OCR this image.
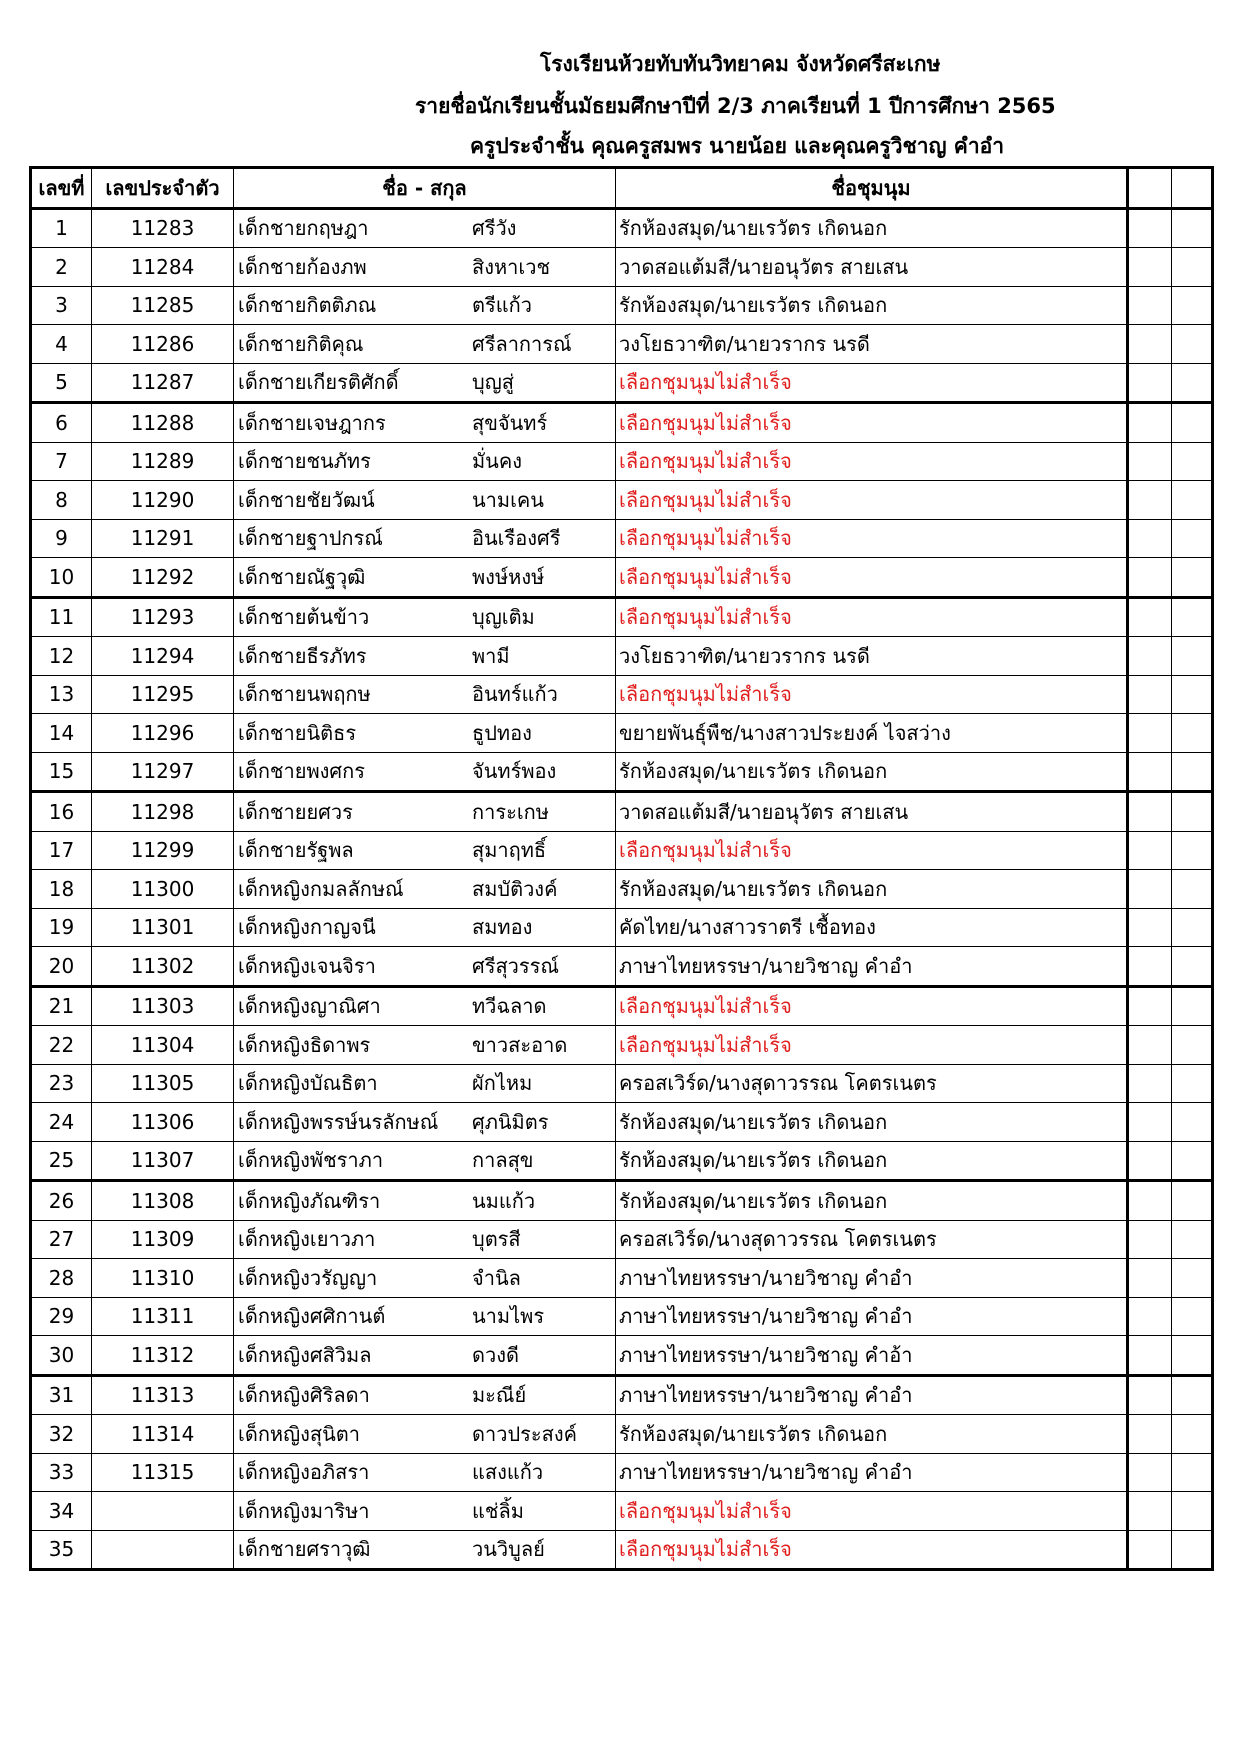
โรงเรียนห้วยทับทันวิทยาคม จังหวัดศรีสะเกษ
รายชื่อนักเรียนชั้นมัธยมศึกษาปีที่ 2/3 ภาคเรียนที่ 1 ปีการศึกษา 2565
ครูประจำชั้น คุณครูสมพร นายน้อย และคุณครูวิชาญ คำอำ
เลขที่	เลขประจำตัว	ชื่อ - สกุล	ชื่อชุมนุม		
1	11283	เด็กชายกฤษฎา ศรีวัง	รักห้องสมุด/นายเรวัตร เกิดนอก		
2	11284	เด็กชายก้องภพ สิงหาเวช	วาดสอแต้มสี/นายอนุวัตร สายเสน		
3	11285	เด็กชายกิตติภณ ตรีแก้ว	รักห้องสมุด/นายเรวัตร เกิดนอก		
4	11286	เด็กชายกิติคุณ ศรีลาการณ์	วงโยธวาฑิต/นายวรากร นรดี		
5	11287	เด็กชายเกียรติศักดิ์ บุญสู่	เลือกชุมนุมไม่สำเร็จ		
6	11288	เด็กชายเจษฎากร สุขจันทร์	เลือกชุมนุมไม่สำเร็จ		
7	11289	เด็กชายชนภัทร มั่นคง	เลือกชุมนุมไม่สำเร็จ		
8	11290	เด็กชายชัยวัฒน์ นามเคน	เลือกชุมนุมไม่สำเร็จ		
9	11291	เด็กชายฐาปกรณ์ อินเรืองศรี	เลือกชุมนุมไม่สำเร็จ		
10	11292	เด็กชายณัฐวุฒิ พงษ์หงษ์	เลือกชุมนุมไม่สำเร็จ		
11	11293	เด็กชายต้นข้าว บุญเติม	เลือกชุมนุมไม่สำเร็จ		
12	11294	เด็กชายธีรภัทร พามี	วงโยธวาฑิต/นายวรากร นรดี		
13	11295	เด็กชายนพฤกษ อินทร์แก้ว	เลือกชุมนุมไม่สำเร็จ		
14	11296	เด็กชายนิติธร ธูปทอง	ขยายพันธุ์พืช/นางสาวประยงค์ ไจสว่าง		
15	11297	เด็กชายพงศกร จันทร์พอง	รักห้องสมุด/นายเรวัตร เกิดนอก		
16	11298	เด็กชายยศวร การะเกษ	วาดสอแต้มสี/นายอนุวัตร สายเสน		
17	11299	เด็กชายรัฐพล สุมาฤทธิ์	เลือกชุมนุมไม่สำเร็จ		
18	11300	เด็กหญิงกมลลักษณ์ สมบัติวงค์	รักห้องสมุด/นายเรวัตร เกิดนอก		
19	11301	เด็กหญิงกาญจนี สมทอง	คัดไทย/นางสาวราตรี เชื้อทอง		
20	11302	เด็กหญิงเจนจิรา ศรีสุวรรณ์	ภาษาไทยหรรษา/นายวิชาญ คำอำ		
21	11303	เด็กหญิงญาณิศา ทวีฉลาด	เลือกชุมนุมไม่สำเร็จ		
22	11304	เด็กหญิงธิดาพร ขาวสะอาด	เลือกชุมนุมไม่สำเร็จ		
23	11305	เด็กหญิงบัณธิตา ผักไหม	ครอสเวิร์ด/นางสุดาวรรณ โคตรเนตร		
24	11306	เด็กหญิงพรรษ์นรลักษณ์ ศุภนิมิตร	รักห้องสมุด/นายเรวัตร เกิดนอก		
25	11307	เด็กหญิงพัชราภา กาลสุข	รักห้องสมุด/นายเรวัตร เกิดนอก		
26	11308	เด็กหญิงภัณฑิรา นมแก้ว	รักห้องสมุด/นายเรวัตร เกิดนอก		
27	11309	เด็กหญิงเยาวภา บุตรสี	ครอสเวิร์ด/นางสุดาวรรณ โคตรเนตร		
28	11310	เด็กหญิงวรัญญา จำนิล	ภาษาไทยหรรษา/นายวิชาญ คำอำ		
29	11311	เด็กหญิงศศิกานต์ นามไพร	ภาษาไทยหรรษา/นายวิชาญ คำอำ		
30	11312	เด็กหญิงศสิวิมล ดวงดี	ภาษาไทยหรรษา/นายวิชาญ คำอ้า		
31	11313	เด็กหญิงศิริลดา มะณีย์	ภาษาไทยหรรษา/นายวิชาญ คำอำ		
32	11314	เด็กหญิงสุนิตา ดาวประสงค์	รักห้องสมุด/นายเรวัตร เกิดนอก		
33	11315	เด็กหญิงอภิสรา แสงแก้ว	ภาษาไทยหรรษา/นายวิชาญ คำอำ		
34		เด็กหญิงมาริษา แช่ลิ้ม	เลือกชุมนุมไม่สำเร็จ		
35		เด็กชายศราวุฒิ วนวิบูลย์	เลือกชุมนุมไม่สำเร็จ		
